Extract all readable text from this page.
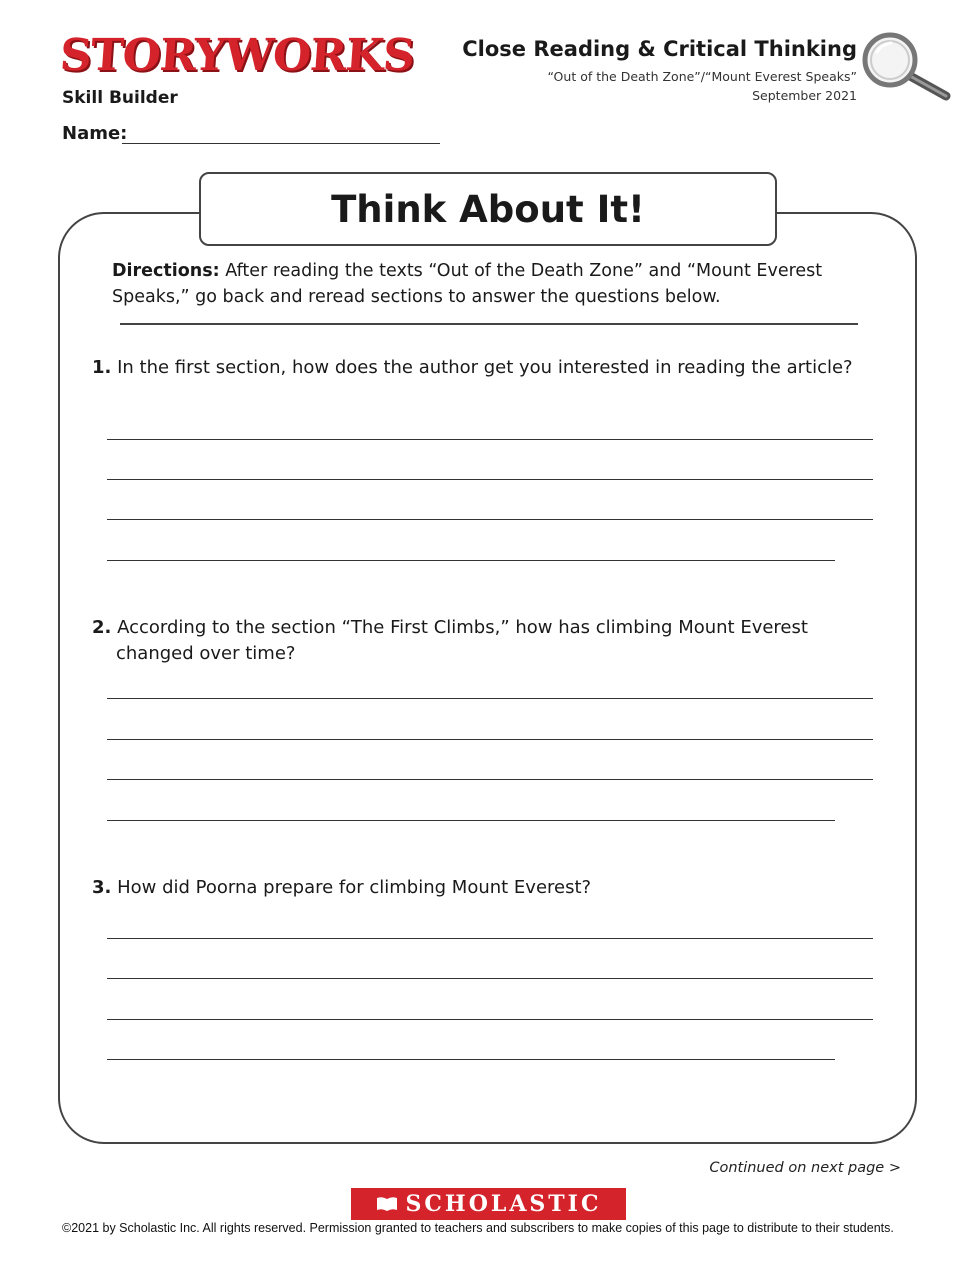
STORYWORKS
Skill Builder
Name:
Close Reading & Critical Thinking
“Out of the Death Zone”/“Mount Everest Speaks”
September 2021
Think About It!
Directions: After reading the texts “Out of the Death Zone” and “Mount Everest Speaks,” go back and reread sections to answer the questions below.
1. In the first section, how does the author get you interested in reading the article?
2. According to the section “The First Climbs,” how has climbing Mount Everest changed over time?
3. How did Poorna prepare for climbing Mount Everest?
Continued on next page >
SCHOLASTIC
©2021 by Scholastic Inc. All rights reserved. Permission granted to teachers and subscribers to make copies of this page to distribute to their students.
